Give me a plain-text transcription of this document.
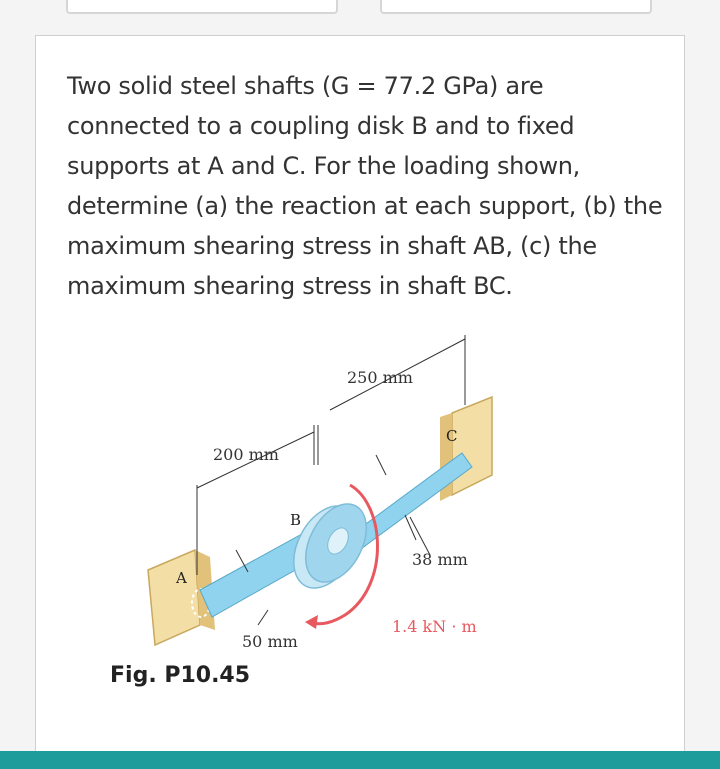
Two solid steel shafts (G = 77.2 GPa) are connected to a coupling disk B and to fixed supports at A and C. For the loading shown, determine (a) the reaction at each support, (b) the maximum shearing stress in shaft AB, (c) the maximum shearing stress in shaft BC.

250 mm
200 mm
50 mm
38 mm
1.4 kN · m
A
B
C
Fig. P10.45
